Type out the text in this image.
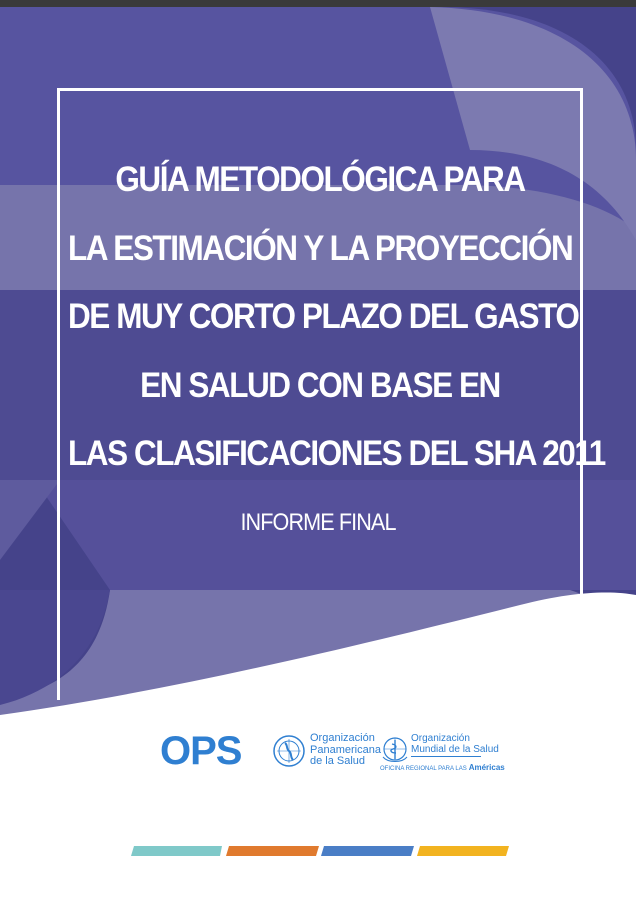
GUÍA METODOLÓGICA PARA
LA ESTIMACIÓN Y LA PROYECCIÓN
DE MUY CORTO PLAZO DEL GASTO
EN SALUD CON BASE EN
LAS CLASIFICACIONES DEL SHA 2011
INFORME FINAL
OPS	Organización
Panamericana
de la Salud
Organización
Mundial de la Salud
OFICINA REGIONAL PARA LAS Américas
